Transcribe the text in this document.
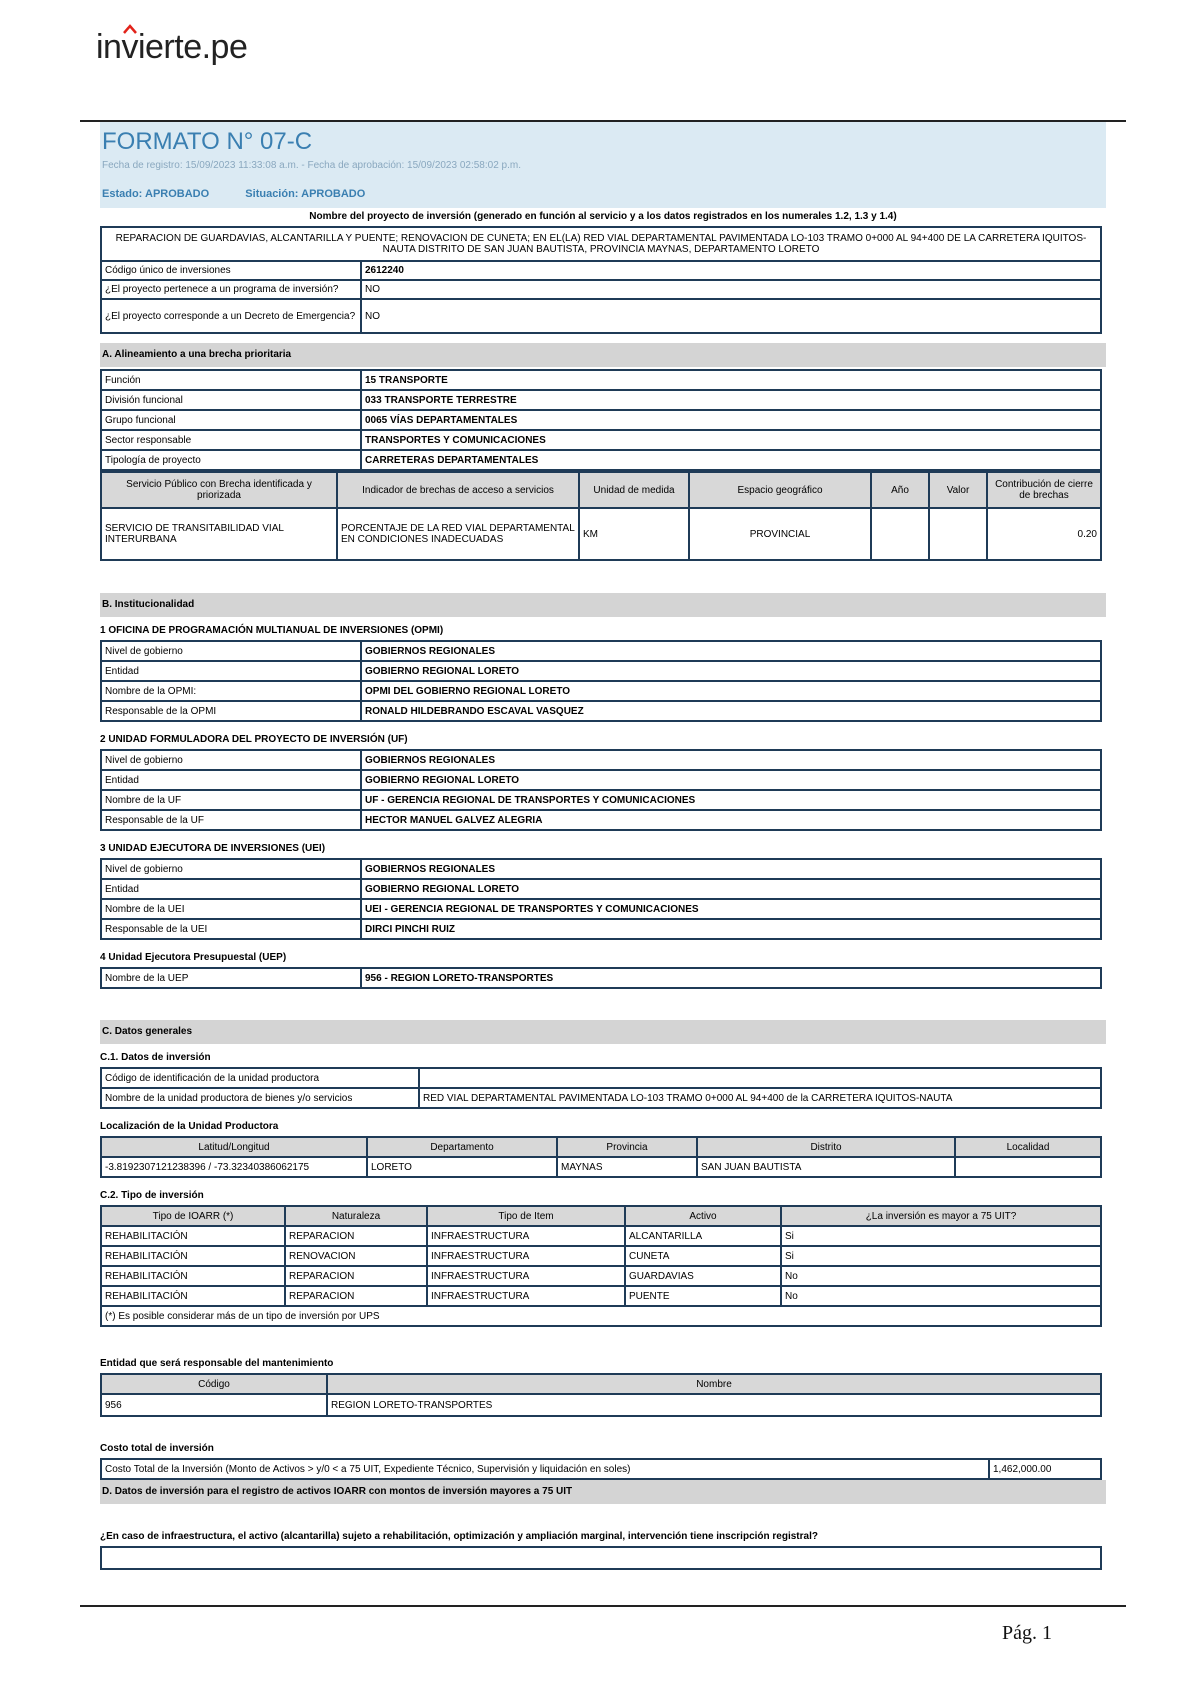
inv
ierte.pe
FORMATO N° 07-C
Fecha de registro: 15/09/2023 11:33:08 a.m. - Fecha de aprobación: 15/09/2023 02:58:02 p.m.
Estado: APROBADO	Situación: APROBADO
Nombre del proyecto de inversión (generado en función al servicio y a los datos registrados en los numerales 1.2, 1.3 y 1.4)
REPARACION DE GUARDAVIAS, ALCANTARILLA Y PUENTE; RENOVACION DE CUNETA; EN EL(LA) RED VIAL DEPARTAMENTAL PAVIMENTADA LO-103 TRAMO 0+000 AL 94+400 DE LA CARRETERA IQUITOS-NAUTA DISTRITO DE SAN JUAN BAUTISTA, PROVINCIA MAYNAS, DEPARTAMENTO LORETO	
Código único de inversiones	2612240
¿El proyecto pertenece a un programa de inversión?	NO
¿El proyecto corresponde a un Decreto de Emergencia?	NO
A. Alineamiento a una brecha prioritaria
Función	15 TRANSPORTE
División funcional	033 TRANSPORTE TERRESTRE
Grupo funcional	0065 VÍAS DEPARTAMENTALES
Sector responsable	TRANSPORTES Y COMUNICACIONES
Tipología de proyecto	CARRETERAS DEPARTAMENTALES
Servicio Público con Brecha identificada y priorizada	Indicador de brechas de acceso a servicios	Unidad de medida	Espacio geográfico	Año	Valor	Contribución de cierre de brechas
SERVICIO DE TRANSITABILIDAD VIAL INTERURBANA	PORCENTAJE DE LA RED VIAL DEPARTAMENTAL EN CONDICIONES INADECUADAS	KM	PROVINCIAL			0.20
B. Institucionalidad
1 OFICINA DE PROGRAMACIÓN MULTIANUAL DE INVERSIONES (OPMI)
Nivel de gobierno	GOBIERNOS REGIONALES
Entidad	GOBIERNO REGIONAL LORETO
Nombre de la OPMI:	OPMI DEL GOBIERNO REGIONAL LORETO
Responsable de la OPMI	RONALD HILDEBRANDO ESCAVAL VASQUEZ
2 UNIDAD FORMULADORA DEL PROYECTO DE INVERSIÓN (UF)
Nivel de gobierno	GOBIERNOS REGIONALES
Entidad	GOBIERNO REGIONAL LORETO
Nombre de la UF	UF - GERENCIA REGIONAL DE TRANSPORTES Y COMUNICACIONES
Responsable de la UF	HECTOR MANUEL GALVEZ ALEGRIA
3 UNIDAD EJECUTORA DE INVERSIONES (UEI)
Nivel de gobierno	GOBIERNOS REGIONALES
Entidad	GOBIERNO REGIONAL LORETO
Nombre de la UEI	UEI - GERENCIA REGIONAL DE TRANSPORTES Y COMUNICACIONES
Responsable de la UEI	DIRCI PINCHI RUIZ
4 Unidad Ejecutora Presupuestal (UEP)
Nombre de la UEP	956 - REGION LORETO-TRANSPORTES
C. Datos generales
C.1. Datos de inversión
Código de identificación de la unidad productora	
Nombre de la unidad productora de bienes y/o servicios	RED VIAL DEPARTAMENTAL PAVIMENTADA LO-103 TRAMO 0+000 AL 94+400 de la CARRETERA IQUITOS-NAUTA
Localización de la Unidad Productora
Latitud/Longitud	Departamento	Provincia	Distrito	Localidad
-3.8192307121238396 / -73.32340386062175	LORETO	MAYNAS	SAN JUAN BAUTISTA	
C.2. Tipo de inversión
Tipo de IOARR (*)	Naturaleza	Tipo de Item	Activo	¿La inversión es mayor a 75 UIT?
REHABILITACIÓN	REPARACION	INFRAESTRUCTURA	ALCANTARILLA	Si
REHABILITACIÓN	RENOVACION	INFRAESTRUCTURA	CUNETA	Si
REHABILITACIÓN	REPARACION	INFRAESTRUCTURA	GUARDAVIAS	No
REHABILITACIÓN	REPARACION	INFRAESTRUCTURA	PUENTE	No
(*) Es posible considerar más de un tipo de inversión por UPS				
Entidad que será responsable del mantenimiento
Código	Nombre
956	REGION LORETO-TRANSPORTES
Costo total de inversión
Costo Total de la Inversión (Monto de Activos > y/0 < a 75 UIT, Expediente Técnico, Supervisión y liquidación en soles)	1,462,000.00
D. Datos de inversión para el registro de activos IOARR con montos de inversión mayores a 75 UIT
¿En caso de infraestructura, el activo (alcantarilla) sujeto a rehabilitación, optimización y ampliación marginal, intervención tiene inscripción registral?
Pág. 1
